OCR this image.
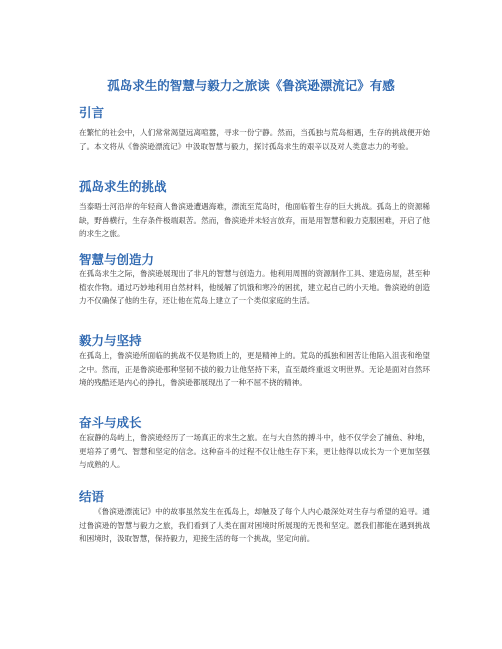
孤岛求生的智慧与毅力之旅读《鲁滨逊漂流记》有感
引言

在繁忙的社会中，人们常常渴望远离喧嚣，寻求一份宁静。然而，当孤独与荒岛相遇，生存的挑战便开始了。本文将从《鲁滨逊漂流记》中汲取智慧与毅力，探讨孤岛求生的艰辛以及对人类意志力的考验。

孤岛求生的挑战

当泰晤士河沿岸的年轻商人鲁滨逊遭遇海难，漂流至荒岛时，他面临着生存的巨大挑战。孤岛上的资源稀缺，野兽横行，生存条件极端艰苦。然而，鲁滨逊并未轻言放弃，而是用智慧和毅力克服困难，开启了他的求生之旅。

智慧与创造力

在孤岛求生之际，鲁滨逊展现出了非凡的智慧与创造力。他利用周围的资源制作工具、建造房屋，甚至种植农作物。通过巧妙地利用自然材料，他缓解了饥饿和寒冷的困扰，建立起自己的小天地。鲁滨逊的创造力不仅确保了他的生存，还让他在荒岛上建立了一个类似家庭的生活。

毅力与坚持

在孤岛上，鲁滨逊所面临的挑战不仅是物质上的，更是精神上的。荒岛的孤独和困苦让他陷入沮丧和绝望之中。然而，正是鲁滨逊那种坚韧不拔的毅力让他坚持下来，直至最终重返文明世界。无论是面对自然环境的残酷还是内心的挣扎，鲁滨逊都展现出了一种不屈不挠的精神。

奋斗与成长

在寂静的岛屿上，鲁滨逊经历了一场真正的求生之旅。在与大自然的搏斗中，他不仅学会了捕鱼、种地，更培养了勇气、智慧和坚定的信念。这种奋斗的过程不仅让他生存下来，更让他得以成长为一个更加坚强与成熟的人。

结语

《鲁滨逊漂流记》中的故事虽然发生在孤岛上，却触及了每个人内心最深处对生存与希望的追寻。通过鲁滨逊的智慧与毅力之旅，我们看到了人类在面对困境时所展现的无畏和坚定。愿我们都能在遇到挑战和困境时，汲取智慧，保持毅力，迎接生活的每一个挑战，坚定向前。
